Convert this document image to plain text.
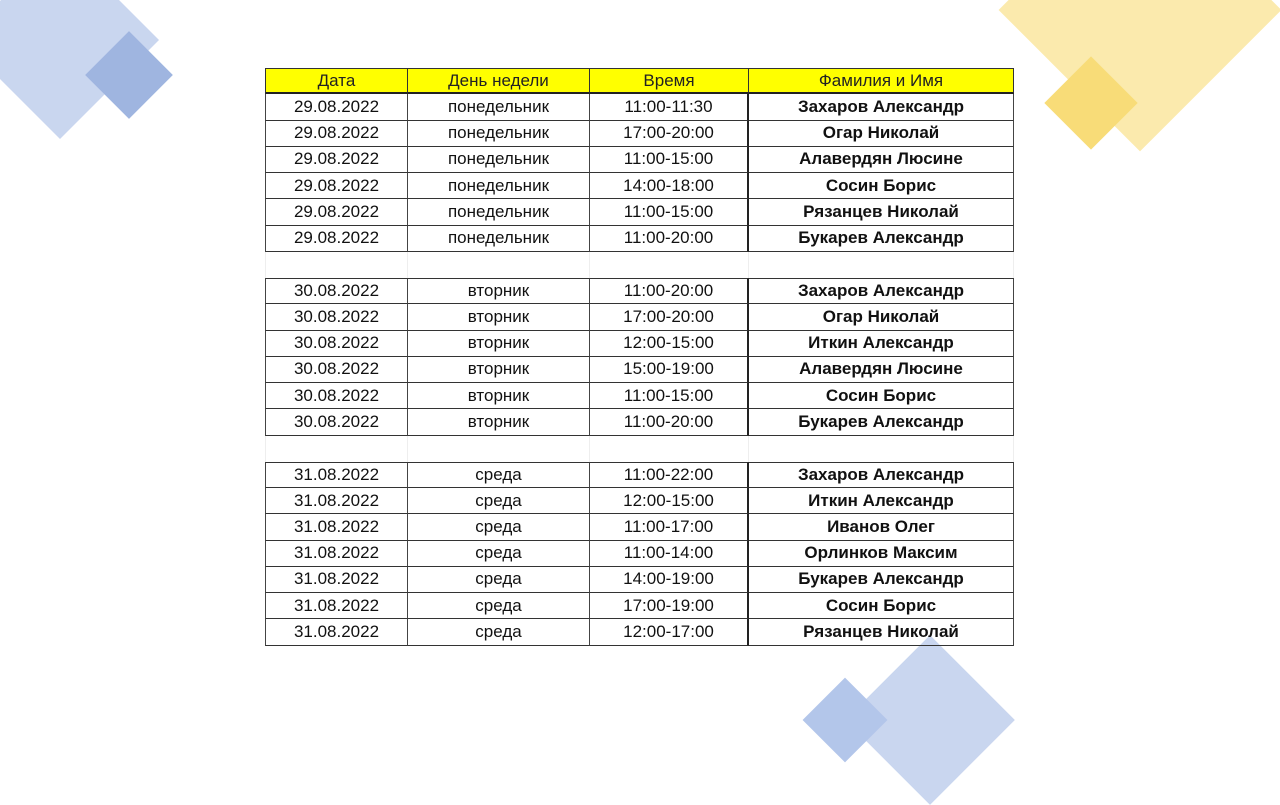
Дата	День недели	Время	Фамилия и Имя
29.08.2022	понедельник	11:00-11:30	Захаров Александр
29.08.2022	понедельник	17:00-20:00	Огар Николай
29.08.2022	понедельник	11:00-15:00	Алавердян Люсине
29.08.2022	понедельник	14:00-18:00	Сосин Борис
29.08.2022	понедельник	11:00-15:00	Рязанцев Николай
29.08.2022	понедельник	11:00-20:00	Букарев Александр
30.08.2022	вторник	11:00-20:00	Захаров Александр
30.08.2022	вторник	17:00-20:00	Огар Николай
30.08.2022	вторник	12:00-15:00	Иткин Александр
30.08.2022	вторник	15:00-19:00	Алавердян Люсине
30.08.2022	вторник	11:00-15:00	Сосин Борис
30.08.2022	вторник	11:00-20:00	Букарев Александр
31.08.2022	среда	11:00-22:00	Захаров Александр
31.08.2022	среда	12:00-15:00	Иткин Александр
31.08.2022	среда	11:00-17:00	Иванов Олег
31.08.2022	среда	11:00-14:00	Орлинков Максим
31.08.2022	среда	14:00-19:00	Букарев Александр
31.08.2022	среда	17:00-19:00	Сосин Борис
31.08.2022	среда	12:00-17:00	Рязанцев Николай
